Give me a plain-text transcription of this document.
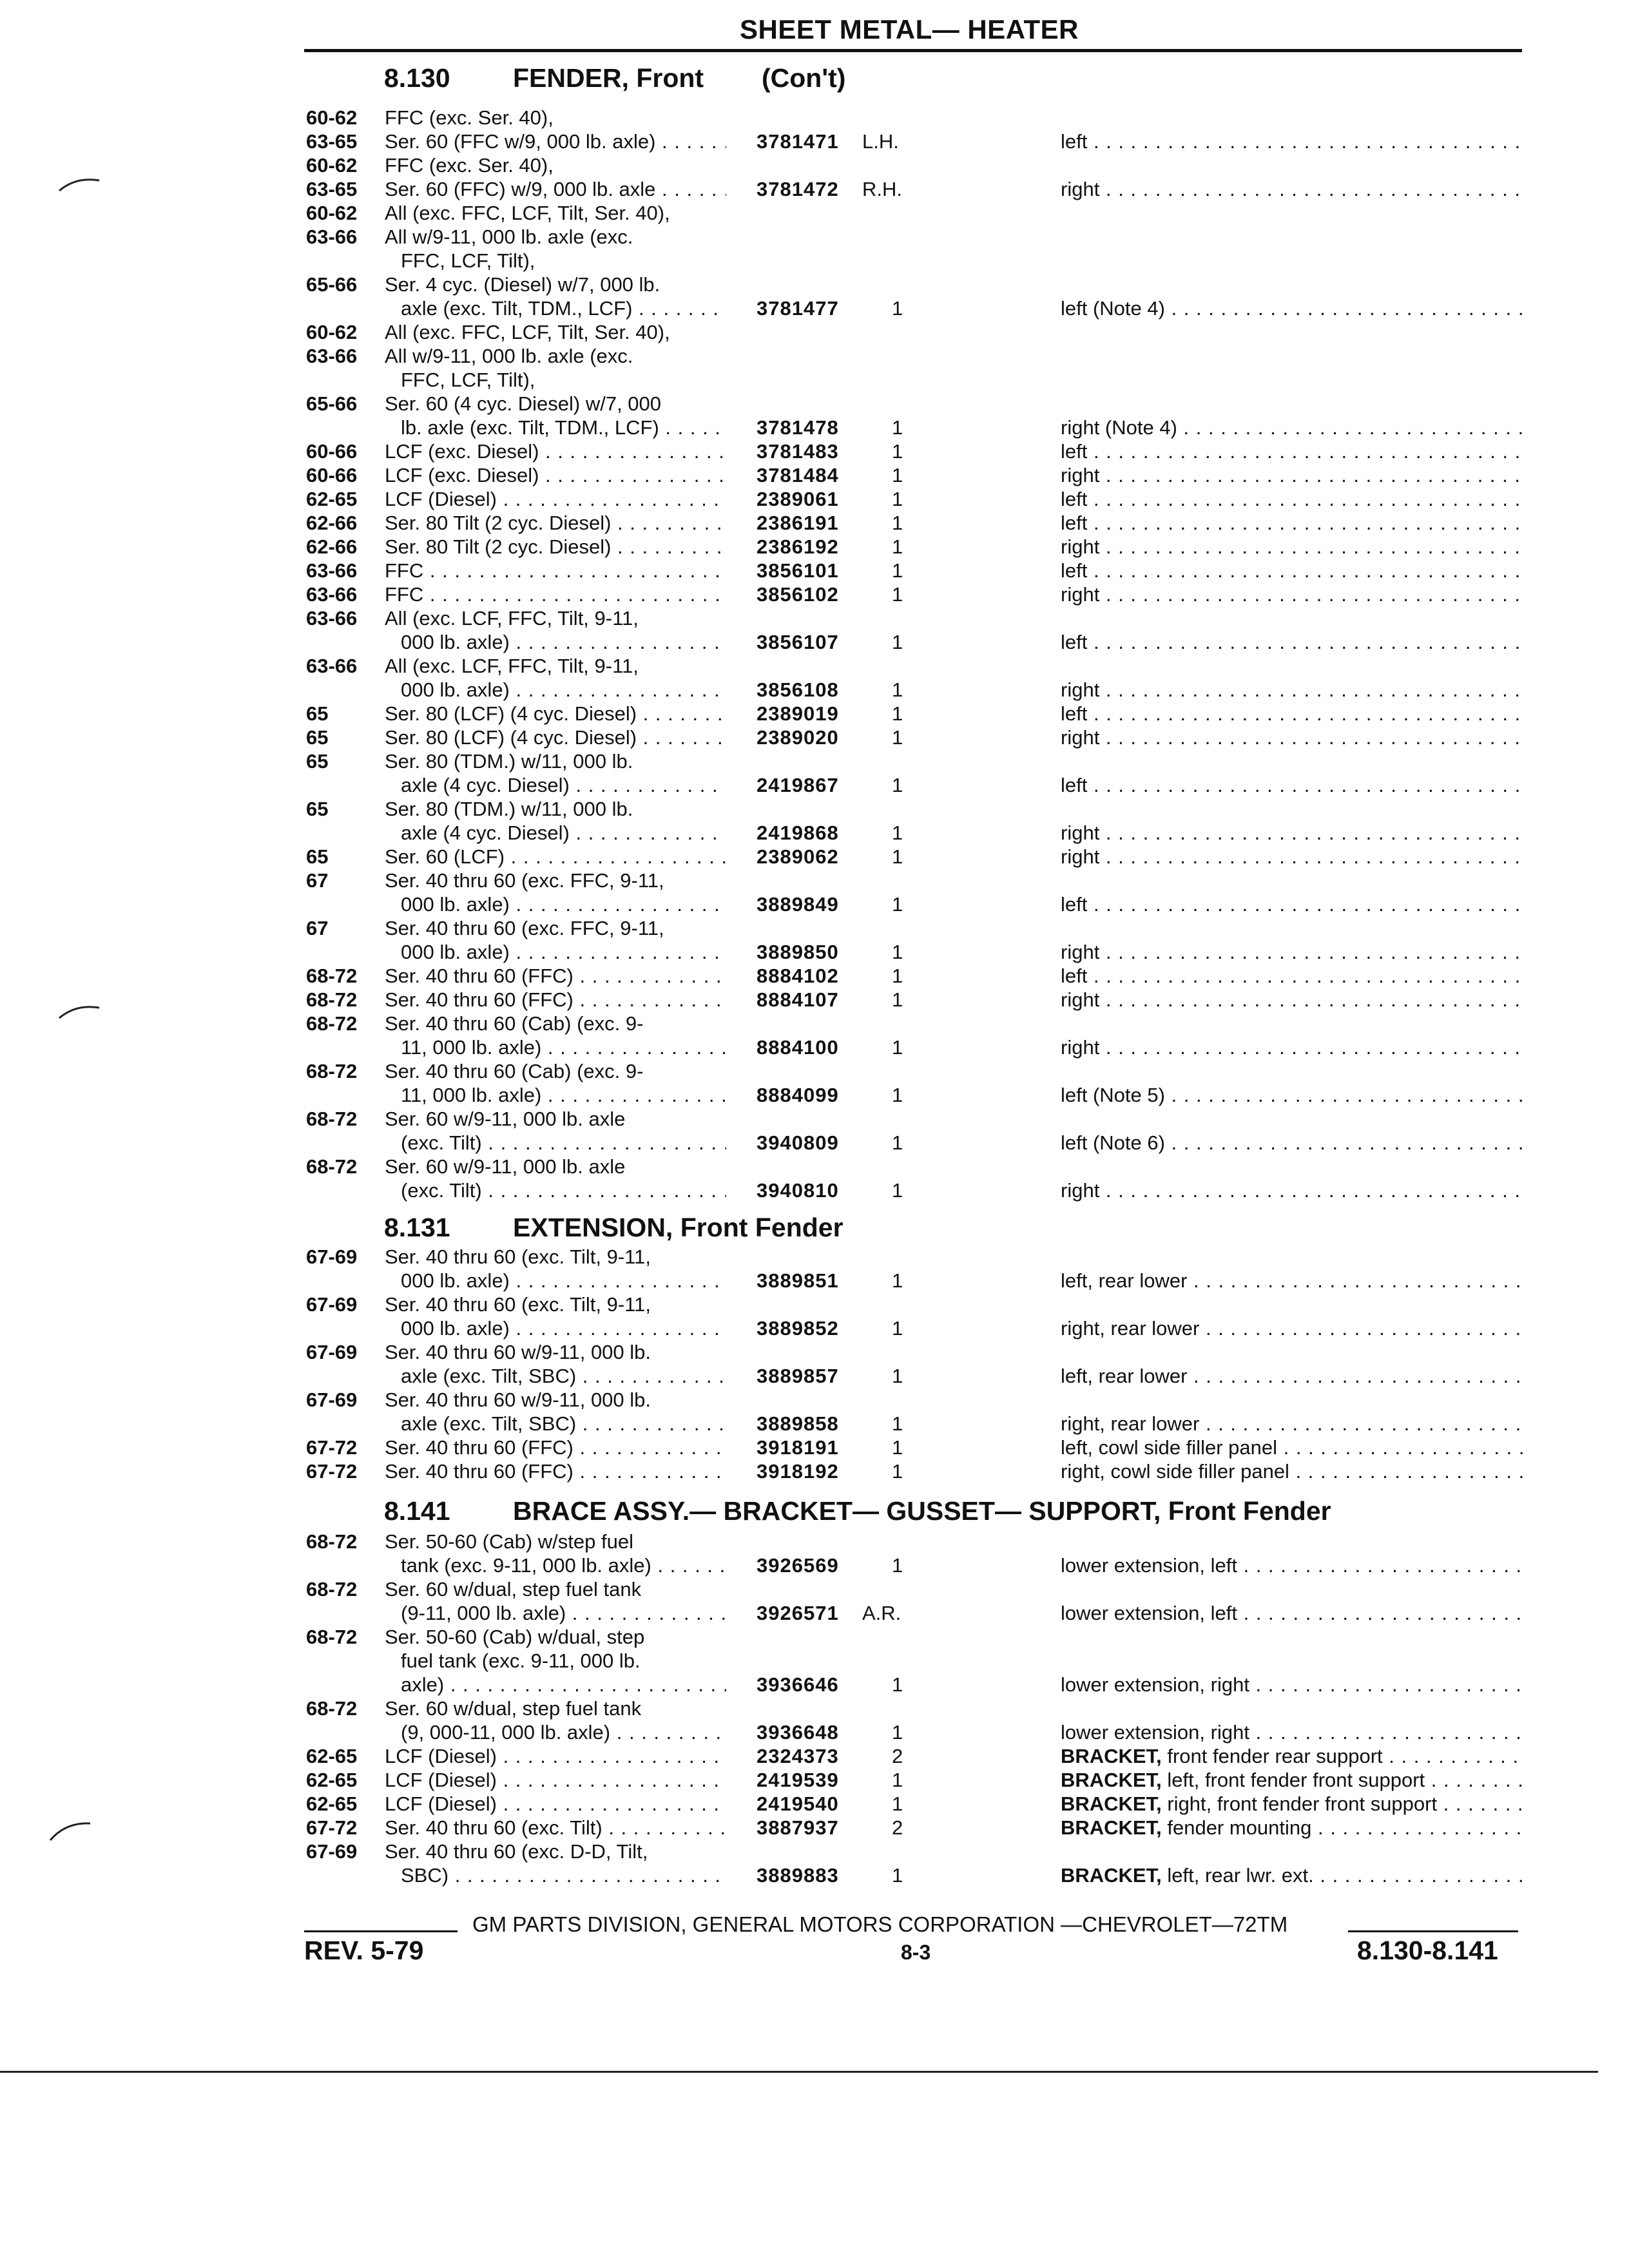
SHEET METAL— HEATER
8.130 FENDER, Front (Con't)
60-62 FFC (exc. Ser. 40),
63-65 Ser. 60 (FFC w/9, 000 lb. axle) . . .	3781471 L.H.	left . . .
60-62 FFC (exc. Ser. 40),
63-65 Ser. 60 (FFC) w/9, 000 lb. axle . . .	3781472 R.H.	right . . .
60-62 All (exc. FFC, LCF, Tilt, Ser. 40),
63-66 All w/9-11, 000 lb. axle (exc.
FFC, LCF, Tilt),
65-66 Ser. 4 cyc. (Diesel) w/7, 000 lb.
axle (exc. Tilt, TDM., LCF) . . .	3781477	1	left (Note 4) . . .
60-62 All (exc. FFC, LCF, Tilt, Ser. 40),
63-66 All w/9-11, 000 lb. axle (exc.
FFC, LCF, Tilt),
65-66 Ser. 60 (4 cyc. Diesel) w/7, 000
lb. axle (exc. Tilt, TDM., LCF) . . .	3781478	1	right (Note 4) . . .
60-66 LCF (exc. Diesel) . . .	3781483	1	left . . .
60-66 LCF (exc. Diesel) . . .	3781484	1	right . . .
62-65 LCF (Diesel) . . .	2389061	1	left . . .
62-66 Ser. 80 Tilt (2 cyc. Diesel) . . .	2386191	1	left . . .
62-66 Ser. 80 Tilt (2 cyc. Diesel) . . .	2386192	1	right . . .
63-66 FFC . . .	3856101	1	left . . .
63-66 FFC . . .	3856102	1	right . . .
63-66 All (exc. LCF, FFC, Tilt, 9-11,
000 lb. axle) . . .	3856107	1	left . . .
63-66 All (exc. LCF, FFC, Tilt, 9-11,
000 lb. axle) . . .	3856108	1	right . . .
65	Ser. 80 (LCF) (4 cyc. Diesel) . . .	2389019	1	left . . .
65	Ser. 80 (LCF) (4 cyc. Diesel) . . .	2389020	1	right . . .
65	Ser. 80 (TDM.) w/11, 000 lb.
axle (4 cyc. Diesel) . . .	2419867	1	left . . .
65	Ser. 80 (TDM.) w/11, 000 lb.
axle (4 cyc. Diesel) . . .	2419868	1	right . . .
65	Ser. 60 (LCF) . . .	2389062	1	right . . .
67	Ser. 40 thru 60 (exc. FFC, 9-11,
000 lb. axle) . . .	3889849	1	left . . .
67	Ser. 40 thru 60 (exc. FFC, 9-11,
000 lb. axle) . . .	3889850	1	right . . .
68-72 Ser. 40 thru 60 (FFC) . . .	8884102	1	left . . .
68-72 Ser. 40 thru 60 (FFC) . . .	8884107	1	right . . .
68-72 Ser. 40 thru 60 (Cab) (exc. 9-
11, 000 lb. axle) . . .	8884100	1	right . . .
68-72 Ser. 40 thru 60 (Cab) (exc. 9-
11, 000 lb. axle) . . .	8884099	1	left (Note 5) . . .
68-72 Ser. 60 w/9-11, 000 lb. axle
(exc. Tilt) . . .	3940809	1	left (Note 6) . . .
68-72 Ser. 60 w/9-11, 000 lb. axle
(exc. Tilt) . . .	3940810	1	right . . .
8.131 EXTENSION, Front Fender
67-69 Ser. 40 thru 60 (exc. Tilt, 9-11,
000 lb. axle) . . .	3889851	1	left, rear lower . . .
67-69 Ser. 40 thru 60 (exc. Tilt, 9-11,
000 lb. axle) . . .	3889852	1	right, rear lower . . .
67-69 Ser. 40 thru 60 w/9-11, 000 lb.
axle (exc. Tilt, SBC) . . .	3889857	1	left, rear lower . . .
67-69 Ser. 40 thru 60 w/9-11, 000 lb.
axle (exc. Tilt, SBC) . . .	3889858	1	right, rear lower . . .
67-72 Ser. 40 thru 60 (FFC) . . .	3918191	1	left, cowl side filler panel . . .
67-72 Ser. 40 thru 60 (FFC) . . .	3918192	1	right, cowl side filler panel . . .
8.141 BRACE ASSY.— BRACKET— GUSSET— SUPPORT, Front Fender
68-72 Ser. 50-60 (Cab) w/step fuel
tank (exc. 9-11, 000 lb. axle) . . .	3926569	1	lower extension, left . . .
68-72 Ser. 60 w/dual, step fuel tank
(9-11, 000 lb. axle) . . .	3926571 A.R.	lower extension, left . . .
68-72 Ser. 50-60 (Cab) w/dual, step
fuel tank (exc. 9-11, 000 lb.
axle) . . .	3936646	1	lower extension, right . . .
68-72 Ser. 60 w/dual, step fuel tank
(9, 000-11, 000 lb. axle) . . .	3936648	1	lower extension, right . . .
62-65 LCF (Diesel) . . .	2324373	2	BRACKET, front fender rear support . . .
62-65 LCF (Diesel) . . .	2419539	1	BRACKET, left, front fender front support . . .
62-65 LCF (Diesel) . . .	2419540	1	BRACKET, right, front fender front support . . .
67-72 Ser. 40 thru 60 (exc. Tilt) . . .	3887937	2	BRACKET, fender mounting . . .
67-69 Ser. 40 thru 60 (exc. D-D, Tilt,
SBC) . . .	3889883	1	BRACKET, left, rear lwr. ext. . . .
GM PARTS DIVISION, GENERAL MOTORS CORPORATION —CHEVROLET—72TM
REV. 5-79	8-3	8.130-8.141
